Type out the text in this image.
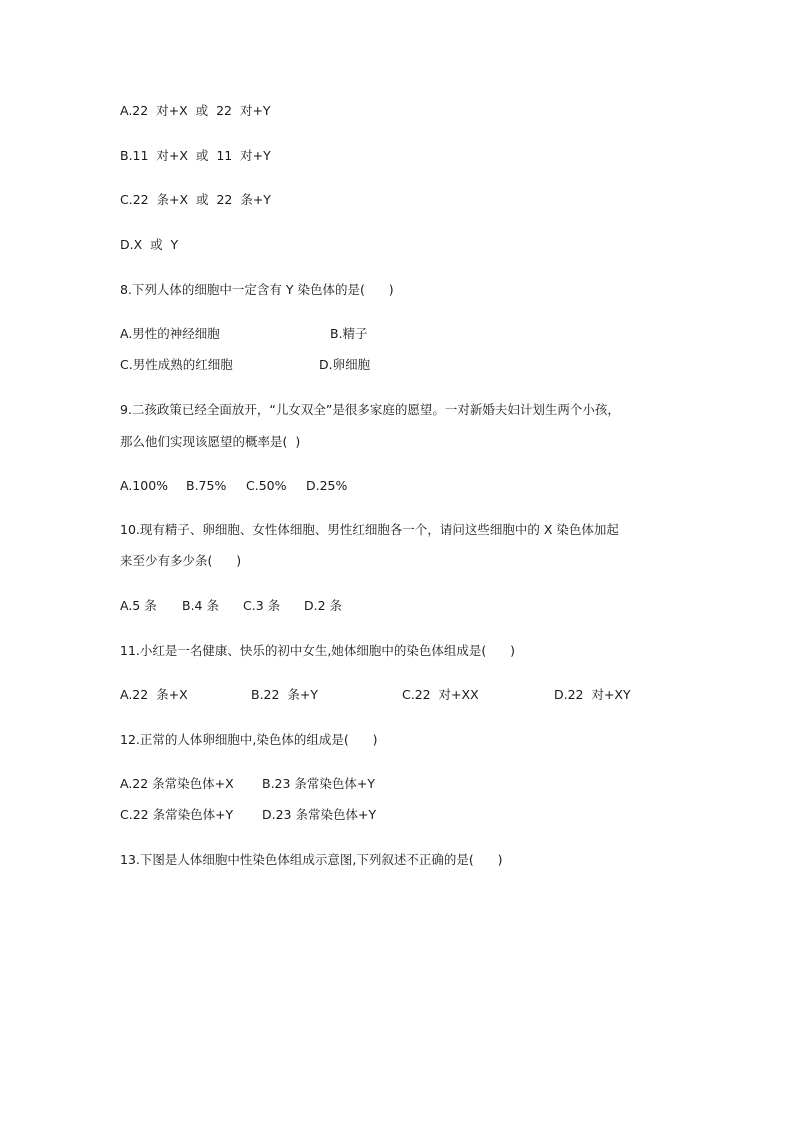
A.22  对+X  或  22  对+Y
B.11  对+X  或  11  对+Y
C.22  条+X  或  22  条+Y
D.X  或  Y
8.下列人体的细胞中一定含有 Y 染色体的是(      )
A.男性的神经细胞	B.精子
C.男性成熟的红细胞	D.卵细胞
9.二孩政策已经全面放开，“儿女双全”是很多家庭的愿望。一对新婚夫妇计划生两个小孩，
那么他们实现该愿望的概率是(  )
A.100% B.75% C.50% D.25%
10.现有精子、卵细胞、女性体细胞、男性红细胞各一个，请问这些细胞中的 X 染色体加起
来至少有多少条(      )
A.5 条 B.4 条 C.3 条 D.2 条
11.小红是一名健康、快乐的初中女生,她体细胞中的染色体组成是(      )
A.22  条+X	B.22  条+Y	C.22  对+XX	D.22  对+XY
12.正常的人体卵细胞中,染色体的组成是(      )
A.22 条常染色体+X B.23 条常染色体+Y
C.22 条常染色体+Y D.23 条常染色体+Y
13.下图是人体细胞中性染色体组成示意图,下列叙述不正确的是(      )
